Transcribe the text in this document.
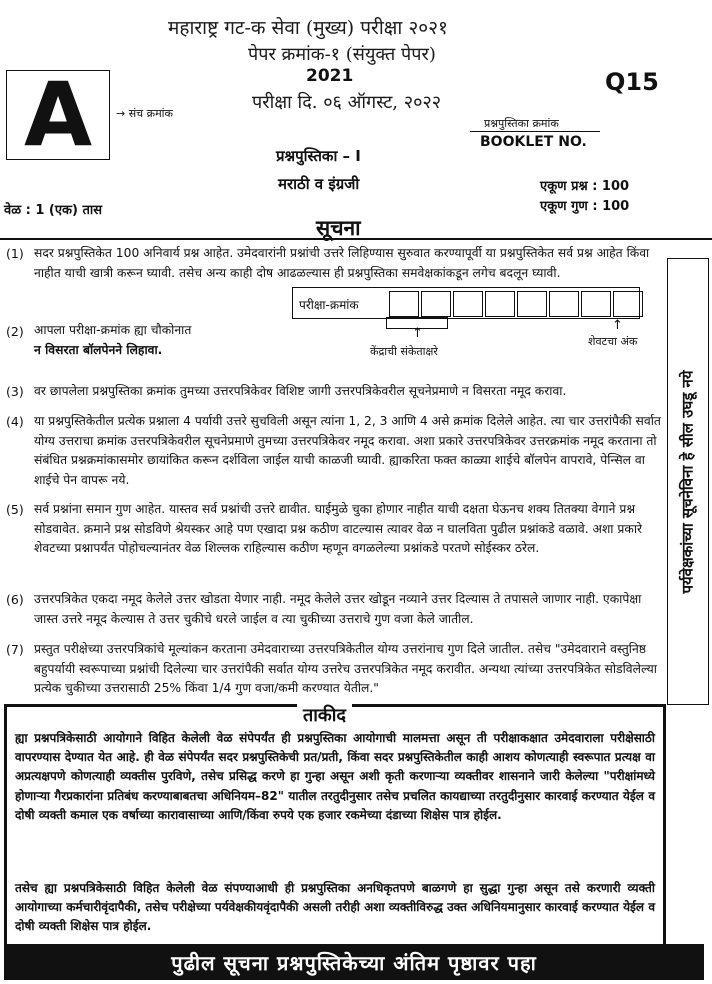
महाराष्ट्र गट-क सेवा (मुख्य) परीक्षा २०२१
पेपर क्रमांक-१ (संयुक्त पेपर)
2021	Q15
परीक्षा दि. ०६ ऑगस्ट, २०२२
A → संच क्रमांक
प्रश्नपुस्तिका क्रमांक
BOOKLET NO.
प्रश्नपुस्तिका – I
मराठी व इंग्रजी
वेळ : 1 (एक) तास
एकूण प्रश्न : 100
एकूण गुण : 100
सूचना
(1) सदर प्रश्नपुस्तिकेत 100 अनिवार्य प्रश्न आहेत. उमेदवारांनी प्रश्नांची उत्तरे लिहिण्यास सुरुवात करण्यापूर्वी या प्रश्नपुस्तिकेत सर्व प्रश्न आहेत किंवा नाहीत याची खात्री करून घ्यावी. तसेच अन्य काही दोष आढळल्यास ही प्रश्नपुस्तिका समवेक्षकांकडून लगेच बदलून घ्यावी.
परीक्षा-क्रमांक
↑
केंद्राची संकेताक्षरे
↑
शेवटचा अंक
(2) आपला परीक्षा-क्रमांक ह्या चौकोनात
न विसरता बॉलपेनने लिहावा.
(3) वर छापलेला प्रश्नपुस्तिका क्रमांक तुमच्या उत्तरपत्रिकेवर विशिष्ट जागी उत्तरपत्रिकेवरील सूचनेप्रमाणे न विसरता नमूद करावा.
(4) या प्रश्नपुस्तिकेतील प्रत्येक प्रश्नाला 4 पर्यायी उत्तरे सुचविली असून त्यांना 1, 2, 3 आणि 4 असे क्रमांक दिलेले आहेत. त्या चार उत्तरांपैकी सर्वात योग्य उत्तराचा क्रमांक उत्तरपत्रिकेवरील सूचनेप्रमाणे तुमच्या उत्तरपत्रिकेवर नमूद करावा. अशा प्रकारे उत्तरपत्रिकेवर उत्तरक्रमांक नमूद करताना तो संबंधित प्रश्नक्रमांकासमोर छायांकित करून दर्शविला जाईल याची काळजी घ्यावी. ह्याकरिता फक्त काळ्या शाईचे बॉलपेन वापरावे, पेन्सिल वा शाईचे पेन वापरू नये.
(5) सर्व प्रश्नांना समान गुण आहेत. यास्तव सर्व प्रश्नांची उत्तरे द्यावीत. घाईमुळे चुका होणार नाहीत याची दक्षता घेऊनच शक्य तितक्या वेगाने प्रश्न सोडवावेत. क्रमाने प्रश्न सोडविणे श्रेयस्कर आहे पण एखादा प्रश्न कठीण वाटल्यास त्यावर वेळ न घालविता पुढील प्रश्नांकडे वळावे. अशा प्रकारे शेवटच्या प्रश्नापर्यंत पोहोचल्यानंतर वेळ शिल्लक राहिल्यास कठीण म्हणून वगळलेल्या प्रश्नांकडे परतणे सोईस्कर ठरेल.
(6) उत्तरपत्रिकेत एकदा नमूद केलेले उत्तर खोडता येणार नाही. नमूद केलेले उत्तर खोडून नव्याने उत्तर दिल्यास ते तपासले जाणार नाही. एकापेक्षा जास्त उत्तरे नमूद केल्यास ते उत्तर चुकीचे धरले जाईल व त्या चुकीच्या उत्तराचे गुण वजा केले जातील.
(7) प्रस्तुत परीक्षेच्या उत्तरपत्रिकांचे मूल्यांकन करताना उमेदवाराच्या उत्तरपत्रिकेतील योग्य उत्तरांनाच गुण दिले जातील. तसेच "उमेदवाराने वस्तुनिष्ठ बहुपर्यायी स्वरूपाच्या प्रश्नांची दिलेल्या चार उत्तरांपैकी सर्वात योग्य उत्तरेच उत्तरपत्रिकेत नमूद करावीत. अन्यथा त्यांच्या उत्तरपत्रिकेत सोडविलेल्या प्रत्येक चुकीच्या उत्तरासाठी 25% किंवा 1/4 गुण वजा/कमी करण्यात येतील."
पर्यवेक्षकांच्या सूचनेविना हे सील उघडू नये
ताकीद
ह्या प्रश्नपत्रिकेसाठी आयोगाने विहित केलेली वेळ संपेपर्यंत ही प्रश्नपुस्तिका आयोगाची मालमत्ता असून ती परीक्षाकक्षात उमेदवाराला परीक्षेसाठी वापरण्यास देण्यात येत आहे. ही वेळ संपेपर्यंत सदर प्रश्नपुस्तिकेची प्रत/प्रती, किंवा सदर प्रश्नपुस्तिकेतील काही आशय कोणत्याही स्वरूपात प्रत्यक्ष वा अप्रत्यक्षपणे कोणत्याही व्यक्तीस पुरविणे, तसेच प्रसिद्ध करणे हा गुन्हा असून अशी कृती करणाऱ्या व्यक्तीवर शासनाने जारी केलेल्या "परीक्षांमध्ये होणाऱ्या गैरप्रकारांना प्रतिबंध करण्याबाबतचा अधिनियम–82" यातील तरतुदीनुसार तसेच प्रचलित कायद्याच्या तरतुदीनुसार कारवाई करण्यात येईल व दोषी व्यक्ती कमाल एक वर्षाच्या कारावासाच्या आणि/किंवा रुपये एक हजार रकमेच्या दंडाच्या शिक्षेस पात्र होईल.
तसेच ह्या प्रश्नपत्रिकेसाठी विहित केलेली वेळ संपण्याआधी ही प्रश्नपुस्तिका अनधिकृतपणे बाळगणे हा सुद्धा गुन्हा असून तसे करणारी व्यक्ती आयोगाच्या कर्मचारीवृंदापैकी, तसेच परीक्षेच्या पर्यवेक्षकीयवृंदापैकी असली तरीही अशा व्यक्तीविरुद्ध उक्त अधिनियमानुसार कारवाई करण्यात येईल व दोषी व्यक्ती शिक्षेस पात्र होईल.
पुढील सूचना प्रश्नपुस्तिकेच्या अंतिम पृष्ठावर पहा
